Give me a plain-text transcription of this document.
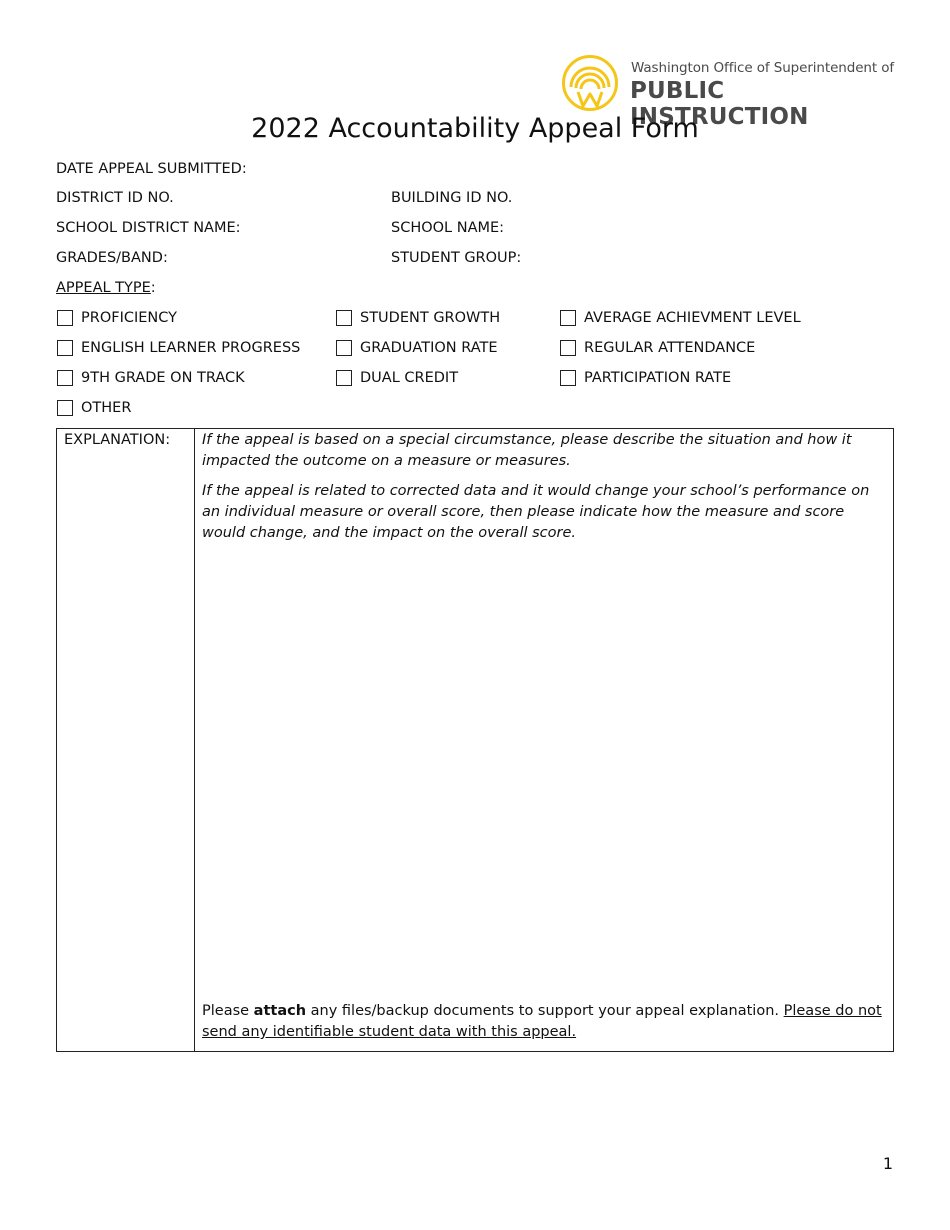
Washington Office of Superintendent of
PUBLIC INSTRUCTION
2022 Accountability Appeal Form
DATE APPEAL SUBMITTED:
DISTRICT ID NO.	BUILDING ID NO.
SCHOOL DISTRICT NAME:	SCHOOL NAME:
GRADES/BAND:	STUDENT GROUP:
APPEAL TYPE:
PROFICIENCY	STUDENT GROWTH	AVERAGE ACHIEVMENT LEVEL
ENGLISH LEARNER PROGRESS	GRADUATION RATE	REGULAR ATTENDANCE
9TH GRADE ON TRACK	DUAL CREDIT	PARTICIPATION RATE
OTHER
EXPLANATION: If the appeal is based on a special circumstance, please describe the situation and how it impacted the outcome on a measure or measures.
If the appeal is related to corrected data and it would change your school’s performance on an individual measure or overall score, then please indicate how the measure and score would change, and the impact on the overall score.
Please attach any files/backup documents to support your appeal explanation. Please do not send any identifiable student data with this appeal.
1
